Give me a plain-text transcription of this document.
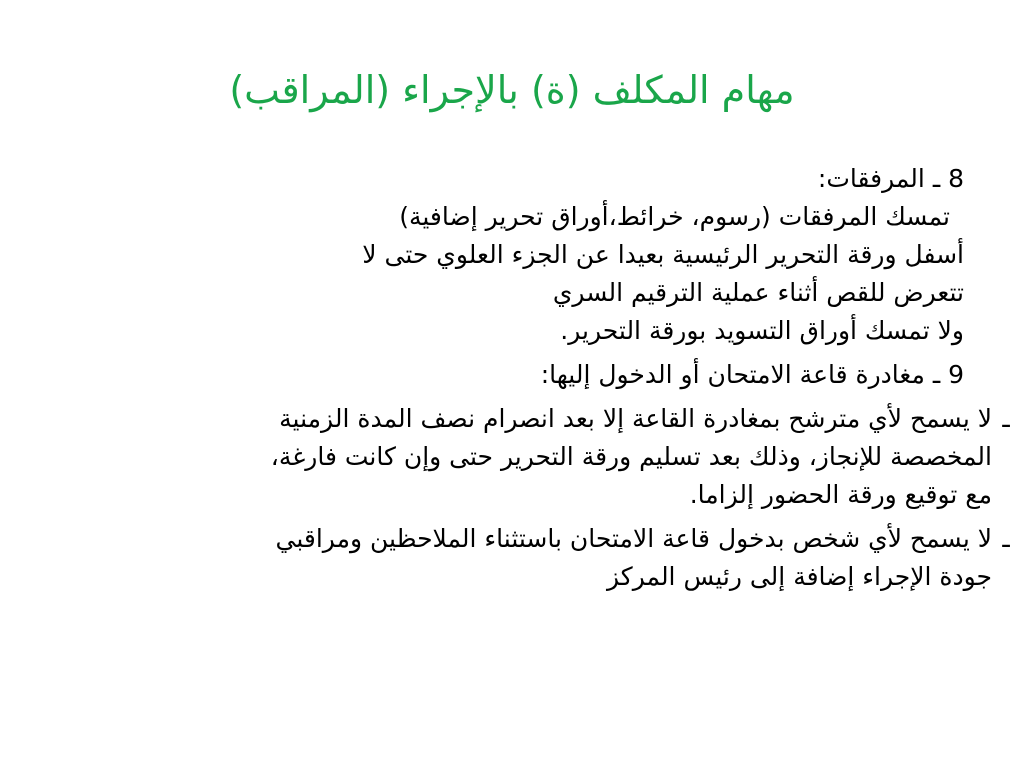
مهام المكلف (ة) بالإجراء (المراقب)
8 ـ المرفقات:
تمسك المرفقات (رسوم، خرائط،أوراق تحرير إضافية)
أسفل ورقة التحرير الرئيسية بعيدا عن الجزء العلوي حتى لا
تتعرض للقص أثناء عملية الترقيم السري
ولا تمسك أوراق التسويد بورقة التحرير.
9 ـ مغادرة قاعة الامتحان أو الدخول إليها:
ـ
لا يسمح لأي مترشح بمغادرة القاعة إلا بعد انصرام نصف المدة الزمنية
المخصصة للإنجاز، وذلك بعد تسليم ورقة التحرير حتى وإن كانت فارغة،
مع توقيع ورقة الحضور إلزاما.
ـ
لا يسمح لأي شخص بدخول قاعة الامتحان باستثناء الملاحظين ومراقبي
جودة الإجراء إضافة إلى رئيس المركز
